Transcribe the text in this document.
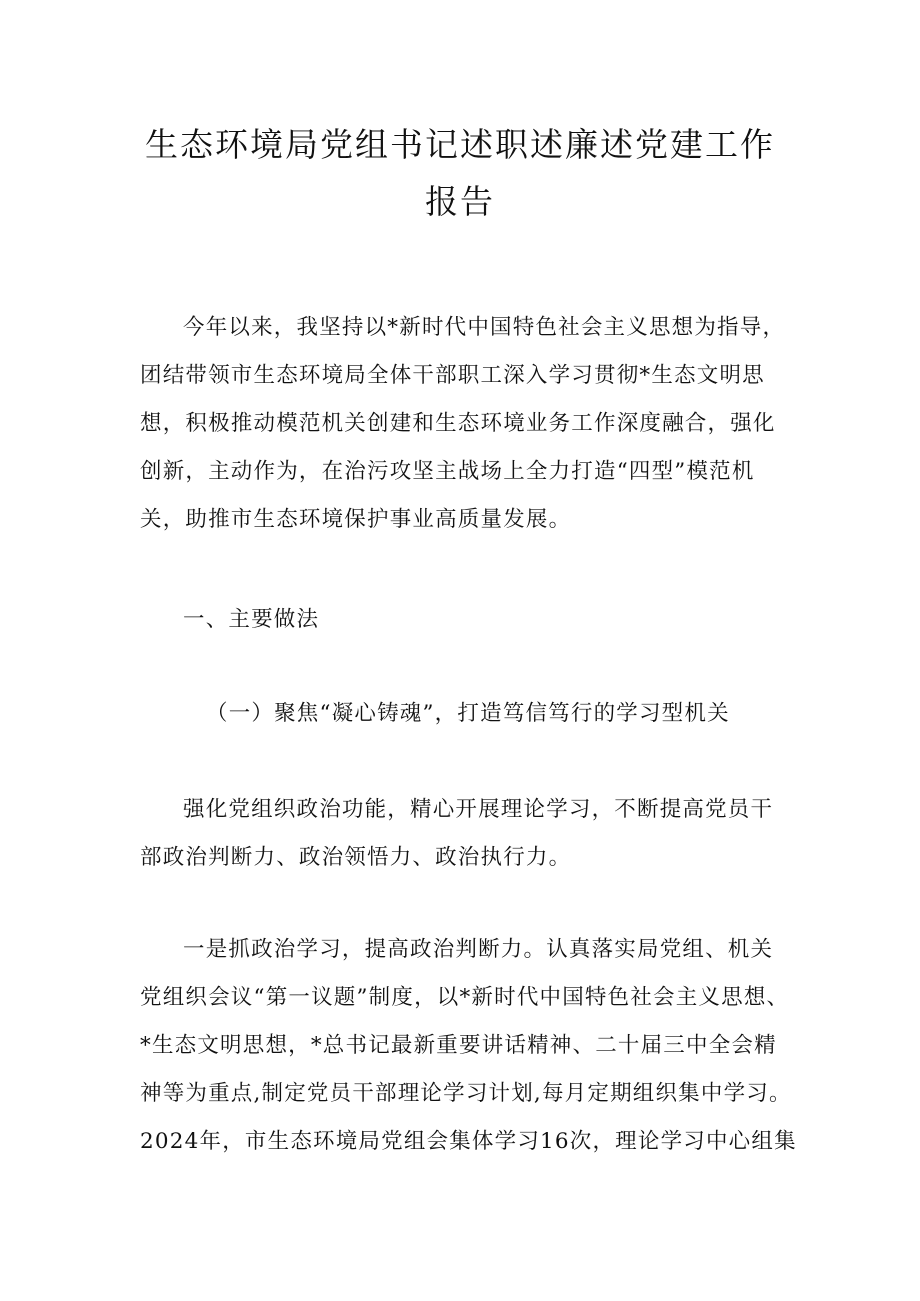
生态环境局党组书记述职述廉述党建工作
报告
今年以来，我坚持以*新时代中国特色社会主义思想为指导，
团结带领市生态环境局全体干部职工深入学习贯彻*生态文明思
想，积极推动模范机关创建和生态环境业务工作深度融合，强化
创新，主动作为，在治污攻坚主战场上全力打造“四型”模范机
关，助推市生态环境保护事业高质量发展。
一、主要做法
（一）聚焦“凝心铸魂”，打造笃信笃行的学习型机关
强化党组织政治功能，精心开展理论学习，不断提高党员干
部政治判断力、政治领悟力、政治执行力。
一是抓政治学习，提高政治判断力。认真落实局党组、机关
党组织会议“第一议题”制度，以*新时代中国特色社会主义思想、
*生态文明思想，*总书记最新重要讲话精神、二十届三中全会精
神等为重点,制定党员干部理论学习计划,每月定期组织集中学习。
2024年，市生态环境局党组会集体学习16次，理论学习中心组集
